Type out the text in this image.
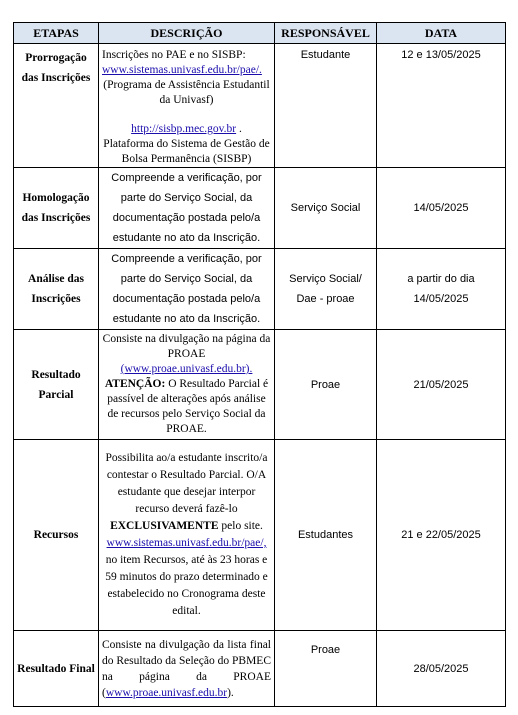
ETAPAS	DESCRIÇÃO	RESPONSÁVEL	DATA
Prorrogação das Inscrições	Inscrições no PAE e no SISBP:
www.sistemas.univasf.edu.br/pae/.
(Programa de Assistência Estudantil da Univasf)
http://sisbp.mec.gov.br .
Plataforma do Sistema de Gestão de Bolsa Permanência (SISBP)	Estudante	12 e 13/05/2025
Homologação das Inscrições	Compreende a verificação, por parte do Serviço Social, da documentação postada pelo/a estudante no ato da Inscrição.	Serviço Social	14/05/2025
Análise das Inscrições	Compreende a verificação, por parte do Serviço Social, da documentação postada pelo/a estudante no ato da Inscrição.	Serviço Social/ Dae - proae	a partir do dia 14/05/2025
Resultado Parcial	Consiste na divulgação na página da PROAE
(www.proae.univasf.edu.br).
ATENÇÃO: O Resultado Parcial é passível de alterações após análise de recursos pelo Serviço Social da PROAE.	Proae	21/05/2025
Recursos	Possibilita ao/a estudante inscrito/a contestar o Resultado Parcial. O/A estudante que desejar interpor recurso deverá fazê-lo EXCLUSIVAMENTE pelo site. www.sistemas.univasf.edu.br/pae/, no item Recursos, até às 23 horas e 59 minutos do prazo determinado e estabelecido no Cronograma deste edital.	Estudantes	21 e 22/05/2025
Resultado Final	Consiste na divulgação da lista final do Resultado da Seleção do PBMEC na página da PROAE (www.proae.univasf.edu.br).	Proae	28/05/2025
